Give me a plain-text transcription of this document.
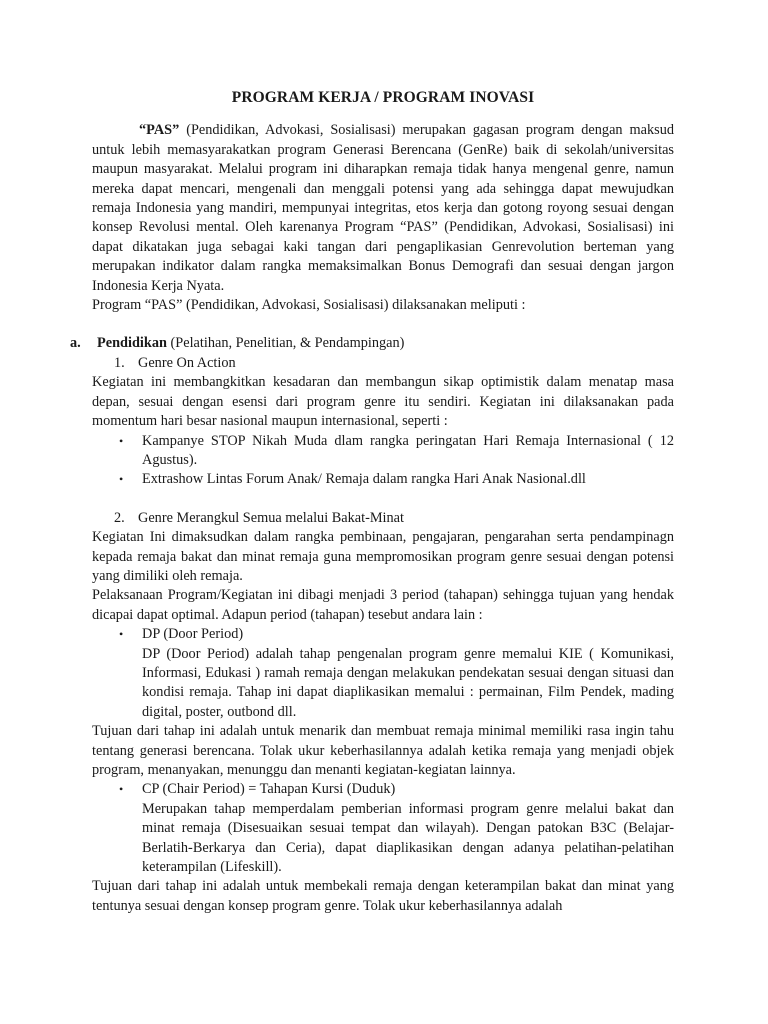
PROGRAM KERJA / PROGRAM INOVASI

“PAS” (Pendidikan, Advokasi, Sosialisasi) merupakan gagasan program dengan maksud untuk lebih memasyarakatkan program Generasi Berencana (GenRe) baik di sekolah/universitas maupun masyarakat. Melalui program ini diharapkan remaja tidak hanya mengenal genre, namun mereka dapat mencari, mengenali dan menggali potensi yang ada sehingga dapat mewujudkan remaja Indonesia yang mandiri, mempunyai integritas, etos kerja dan gotong royong sesuai dengan konsep Revolusi mental. Oleh karenanya Program “PAS” (Pendidikan, Advokasi, Sosialisasi) ini dapat dikatakan juga sebagai kaki tangan dari pengaplikasian Genrevolution berteman yang merupakan indikator dalam rangka memaksimalkan Bonus Demografi dan sesuai dengan jargon Indonesia Kerja Nyata.

Program “PAS” (Pendidikan, Advokasi, Sosialisasi) dilaksanakan meliputi :

a. Pendidikan (Pelatihan, Penelitian, & Pendampingan)
1. Genre On Action

Kegiatan ini membangkitkan kesadaran dan membangun sikap optimistik dalam menatap masa depan, sesuai dengan esensi dari program genre itu sendiri. Kegiatan ini dilaksanakan pada momentum hari besar nasional maupun internasional, seperti :

• Kampanye STOP Nikah Muda dlam rangka peringatan Hari Remaja Internasional ( 12 Agustus).
• Extrashow Lintas Forum Anak/ Remaja dalam rangka Hari Anak Nasional.dll
2. Genre Merangkul Semua melalui Bakat-Minat

Kegiatan Ini dimaksudkan dalam rangka pembinaan, pengajaran, pengarahan serta pendampinagn kepada remaja bakat dan minat remaja guna mempromosikan program genre sesuai dengan potensi yang dimiliki oleh remaja.

Pelaksanaan Program/Kegiatan ini dibagi menjadi 3 period (tahapan) sehingga tujuan yang hendak dicapai dapat optimal. Adapun period (tahapan) tesebut andara lain :

• DP (Door Period)
DP (Door Period) adalah tahap pengenalan program genre memalui KIE ( Komunikasi, Informasi, Edukasi ) ramah remaja dengan melakukan pendekatan sesuai dengan situasi dan kondisi remaja. Tahap ini dapat diaplikasikan memalui : permainan, Film Pendek, mading digital, poster, outbond dll.

Tujuan dari tahap ini adalah untuk menarik dan membuat remaja minimal memiliki rasa ingin tahu tentang generasi berencana. Tolak ukur keberhasilannya adalah ketika remaja yang menjadi objek program, menanyakan, menunggu dan menanti kegiatan-kegiatan lainnya.

• CP (Chair Period) = Tahapan Kursi (Duduk)
Merupakan tahap memperdalam pemberian informasi program genre melalui bakat dan minat remaja (Disesuaikan sesuai tempat dan wilayah). Dengan patokan B3C (Belajar-Berlatih-Berkarya dan Ceria), dapat diaplikasikan dengan adanya pelatihan-pelatihan keterampilan (Lifeskill).

Tujuan dari tahap ini adalah untuk membekali remaja dengan keterampilan bakat dan minat yang tentunya sesuai dengan konsep program genre. Tolak ukur keberhasilannya adalah
